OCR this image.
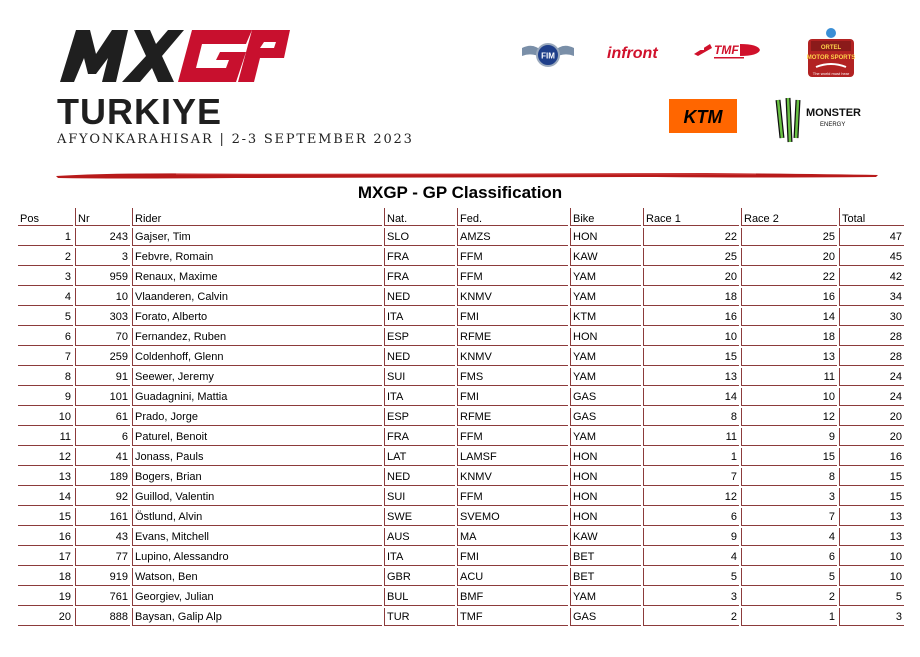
TURKIYE
AFYONKARAHISAR | 2-3 SEPTEMBER 2023
FIM	infront	TMF	ORTEL
MOTOR SPORTS
The world must hear
KTM	MONSTER
ENERGY
MXGP - GP Classification
Pos	Nr	Rider	Nat.	Fed.	Bike	Race 1	Race 2	Total
1	243	Gajser, Tim	SLO	AMZS	HON	22	25	47
2	3	Febvre, Romain	FRA	FFM	KAW	25	20	45
3	959	Renaux, Maxime	FRA	FFM	YAM	20	22	42
4	10	Vlaanderen, Calvin	NED	KNMV	YAM	18	16	34
5	303	Forato, Alberto	ITA	FMI	KTM	16	14	30
6	70	Fernandez, Ruben	ESP	RFME	HON	10	18	28
7	259	Coldenhoff, Glenn	NED	KNMV	YAM	15	13	28
8	91	Seewer, Jeremy	SUI	FMS	YAM	13	11	24
9	101	Guadagnini, Mattia	ITA	FMI	GAS	14	10	24
10	61	Prado, Jorge	ESP	RFME	GAS	8	12	20
11	6	Paturel, Benoit	FRA	FFM	YAM	11	9	20
12	41	Jonass, Pauls	LAT	LAMSF	HON	1	15	16
13	189	Bogers, Brian	NED	KNMV	HON	7	8	15
14	92	Guillod, Valentin	SUI	FFM	HON	12	3	15
15	161	Östlund, Alvin	SWE	SVEMO	HON	6	7	13
16	43	Evans, Mitchell	AUS	MA	KAW	9	4	13
17	77	Lupino, Alessandro	ITA	FMI	BET	4	6	10
18	919	Watson, Ben	GBR	ACU	BET	5	5	10
19	761	Georgiev, Julian	BUL	BMF	YAM	3	2	5
20	888	Baysan, Galip Alp	TUR	TMF	GAS	2	1	3
